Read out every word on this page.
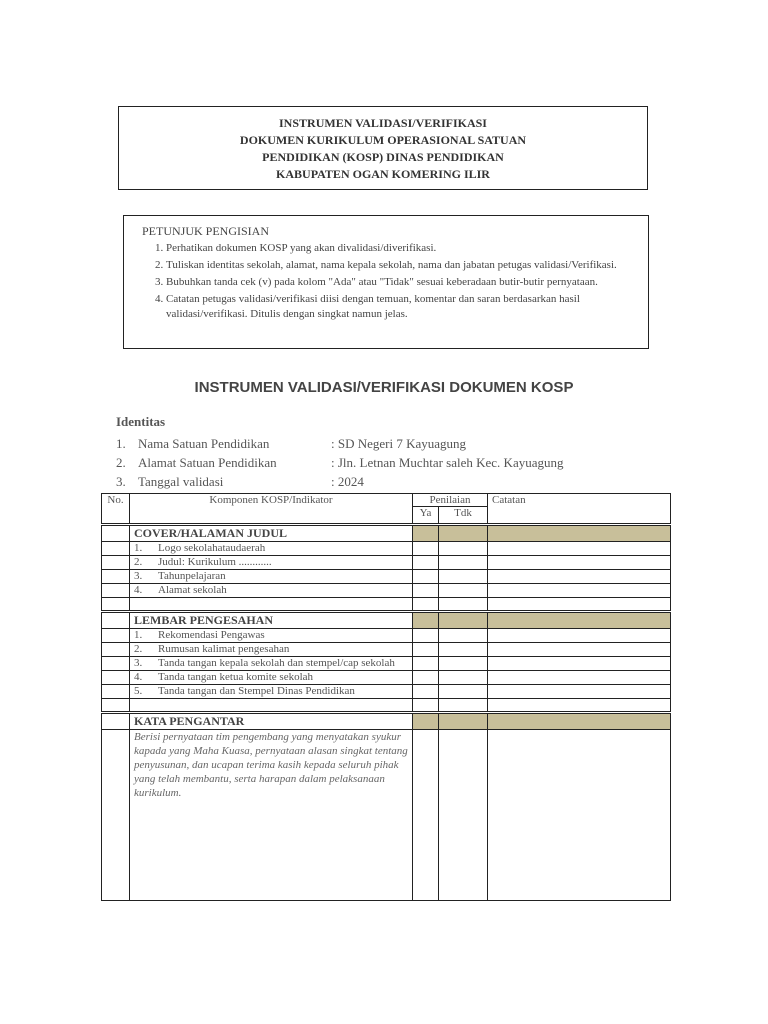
INSTRUMEN VALIDASI/VERIFIKASI
DOKUMEN KURIKULUM OPERASIONAL SATUAN
PENDIDIKAN (KOSP) DINAS PENDIDIKAN
KABUPATEN OGAN KOMERING ILIR
PETUNJUK PENGISIAN
1. Perhatikan dokumen KOSP yang akan divalidasi/diverifikasi.
2. Tuliskan identitas sekolah, alamat, nama kepala sekolah, nama dan jabatan petugas validasi/Verifikasi.
3. Bubuhkan tanda cek (v) pada kolom "Ada" atau "Tidak" sesuai keberadaan butir-butir pernyataan.
4. Catatan petugas validasi/verifikasi diisi dengan temuan, komentar dan saran berdasarkan hasil validasi/verifikasi. Ditulis dengan singkat namun jelas.
INSTRUMEN VALIDASI/VERIFIKASI DOKUMEN KOSP
Identitas
1. Nama Satuan Pendidikan	: SD Negeri 7 Kayuagung
2. Alamat Satuan Pendidikan	: Jln. Letnan Muchtar saleh Kec. Kayuagung
3. Tanggal validasi	: 2024
No.	Komponen KOSP/Indikator	Penilaian		Catatan
		Ya	Tdk	
	COVER/HALAMAN JUDUL			
	1. Logo sekolahataudaerah			
	2. Judul: Kurikulum ............			
	3. Tahunpelajaran			
	4. Alamat sekolah			

	LEMBAR PENGESAHAN			
	1. Rekomendasi Pengawas			
	2. Rumusan kalimat pengesahan			
	3. Tanda tangan kepala sekolah dan stempel/cap sekolah			
	4. Tanda tangan ketua komite sekolah			
	5. Tanda tangan dan Stempel Dinas Pendidikan			

	KATA PENGANTAR			
	Berisi pernyataan tim pengembang yang menyatakan syukur kapada yang Maha Kuasa, pernyataan alasan singkat tentang penyusunan, dan ucapan terima kasih kepada seluruh pihak yang telah membantu, serta harapan dalam pelaksanaan kurikulum.			
